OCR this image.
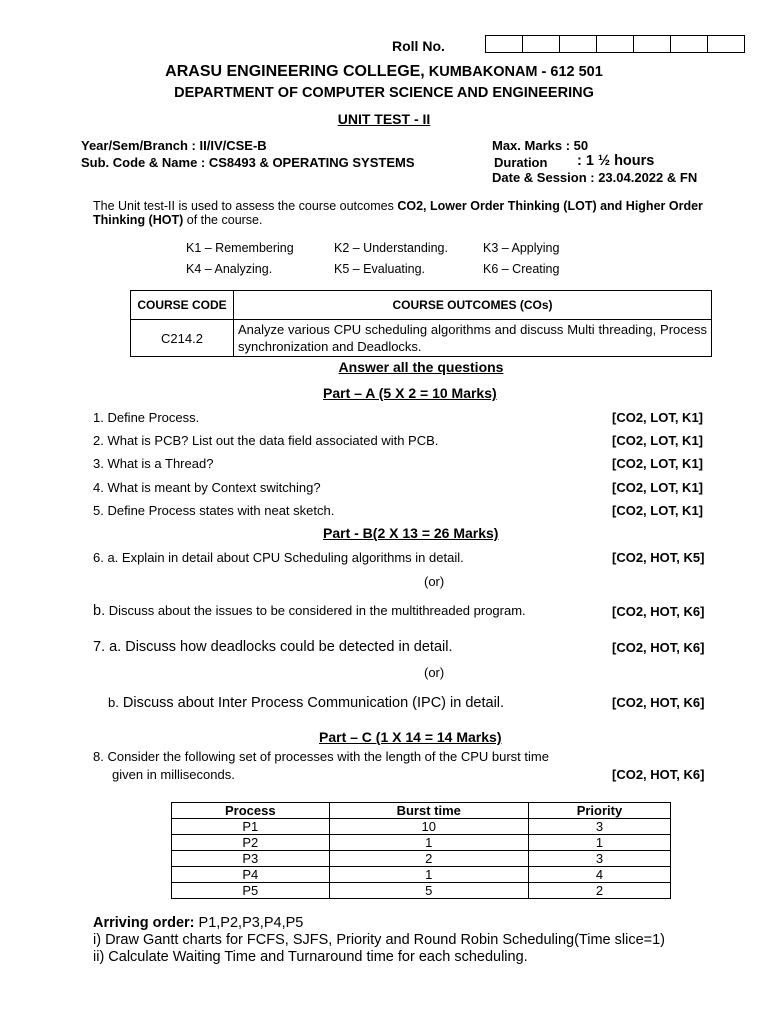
Roll No.
ARASU ENGINEERING COLLEGE, KUMBAKONAM - 612 501
DEPARTMENT OF COMPUTER SCIENCE AND ENGINEERING
UNIT TEST - II
Year/Sem/Branch : II/IV/CSE-B
Sub. Code & Name : CS8493 & OPERATING SYSTEMS
Max. Marks : 50
Duration : 1 ½ hours
Date & Session : 23.04.2022 & FN
The Unit test-II is used to assess the course outcomes CO2, Lower Order Thinking (LOT) and Higher Order Thinking (HOT) of the course.
K1 – Remembering	K2 – Understanding.	K3 – Applying
K4 – Analyzing.	K5 – Evaluating.	K6 – Creating
COURSE CODE	COURSE OUTCOMES (COs)
C214.2	Analyze various CPU scheduling algorithms and discuss Multi threading, Process synchronization and Deadlocks.
Answer all the questions
Part – A (5 X 2 = 10 Marks)
1. Define Process.	[CO2, LOT, K1]
2. What is PCB? List out the data field associated with PCB.	[CO2, LOT, K1]
3. What is a Thread?	[CO2, LOT, K1]
4. What is meant by Context switching?	[CO2, LOT, K1]
5. Define Process states with neat sketch.	[CO2, LOT, K1]
Part - B(2 X 13 = 26 Marks)
6. a. Explain in detail about CPU Scheduling algorithms in detail.	[CO2, HOT, K5]
(or)
b. Discuss about the issues to be considered in the multithreaded program.	[CO2, HOT, K6]
7. a. Discuss how deadlocks could be detected in detail.	[CO2, HOT, K6]
(or)
b. Discuss about Inter Process Communication (IPC) in detail.	[CO2, HOT, K6]
Part – C (1 X 14 = 14 Marks)
8. Consider the following set of processes with the length of the CPU burst time
given in milliseconds.	[CO2, HOT, K6]
Process	Burst time	Priority
P1	10	3
P2	1	1
P3	2	3
P4	1	4
P5	5	2
Arriving order: P1,P2,P3,P4,P5
i) Draw Gantt charts for FCFS, SJFS, Priority and Round Robin Scheduling(Time slice=1)
ii) Calculate Waiting Time and Turnaround time for each scheduling.
